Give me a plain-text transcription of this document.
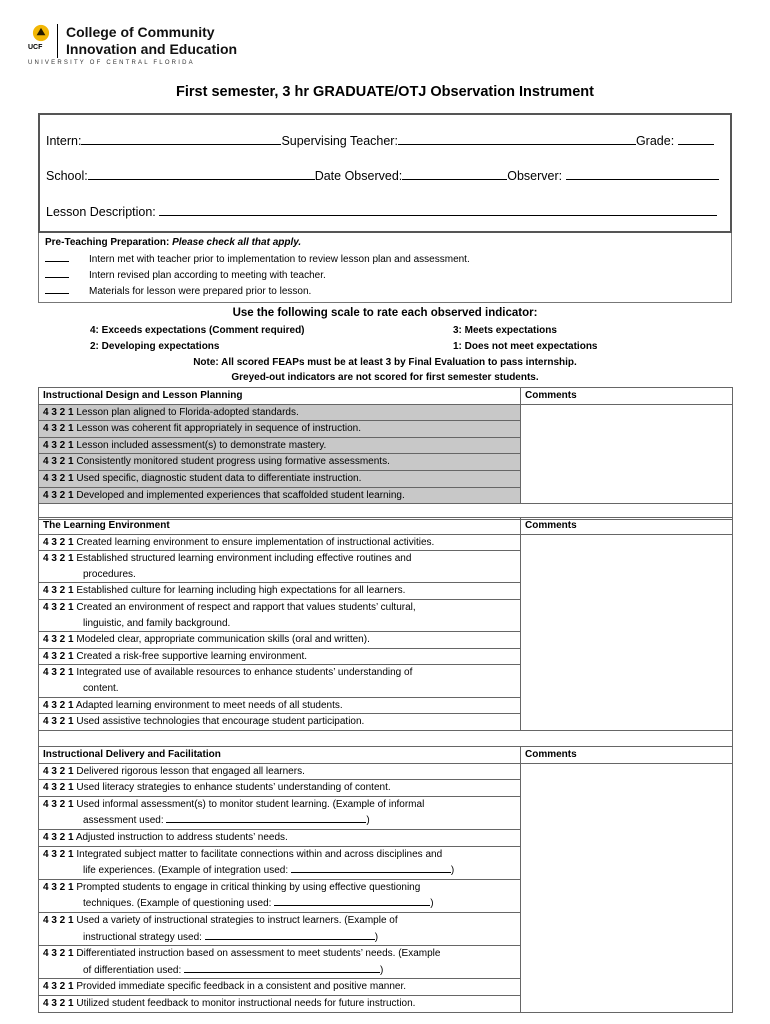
UCF
College of Community
Innovation and Education
UNIVERSITY OF CENTRAL FLORIDA
First semester, 3 hr GRADUATE/OTJ Observation Instrument
Intern:	Supervising Teacher:	Grade:
School:	Date Observed:	Observer:
Lesson Description:
Pre-Teaching Preparation: Please check all that apply.
Intern met with teacher prior to implementation to review lesson plan and assessment.
Intern revised plan according to meeting with teacher.
Materials for lesson were prepared prior to lesson.
Use the following scale to rate each observed indicator:
4: Exceeds expectations (Comment required)	3: Meets expectations
2: Developing expectations	1: Does not meet expectations
Note: All scored FEAPs must be at least 3 by Final Evaluation to pass internship.
Greyed-out indicators are not scored for first semester students.
Instructional Design and Lesson Planning	Comments
4 3 2 1 Lesson plan aligned to Florida-adopted standards.	
4 3 2 1 Lesson was coherent fit appropriately in sequence of instruction.	
4 3 2 1 Lesson included assessment(s) to demonstrate mastery.	
4 3 2 1 Consistently monitored student progress using formative assessments.	
4 3 2 1 Used specific, diagnostic student data to differentiate instruction.	
4 3 2 1 Developed and implemented experiences that scaffolded student learning.	

The Learning Environment	Comments
4 3 2 1 Created learning environment to ensure implementation of instructional activities.	
4 3 2 1 Established structured learning environment including effective routines and
procedures.	

4 3 2 1 Established culture for learning including high expectations for all learners.	
4 3 2 1 Created an environment of respect and rapport that values students’ cultural,
linguistic, and family background.	

4 3 2 1 Modeled clear, appropriate communication skills (oral and written).	
4 3 2 1 Created a risk-free supportive learning environment.	
4 3 2 1 Integrated use of available resources to enhance students’ understanding of
content.	

4 3 2 1 Adapted learning environment to meet needs of all students.	
4 3 2 1 Used assistive technologies that encourage student participation.	

Instructional Delivery and Facilitation	Comments
4 3 2 1 Delivered rigorous lesson that engaged all learners.	
4 3 2 1 Used literacy strategies to enhance students’ understanding of content.	
4 3 2 1 Used informal assessment(s) to monitor student learning. (Example of informal
assessment used: )	

4 3 2 1 Adjusted instruction to address students’ needs.	
4 3 2 1 Integrated subject matter to facilitate connections within and across disciplines and
life experiences. (Example of integration used: )	

4 3 2 1 Prompted students to engage in critical thinking by using effective questioning
techniques. (Example of questioning used: )	

4 3 2 1 Used a variety of instructional strategies to instruct learners. (Example of
instructional strategy used: )	

4 3 2 1 Differentiated instruction based on assessment to meet students’ needs. (Example
of differentiation used: )	

4 3 2 1 Provided immediate specific feedback in a consistent and positive manner.	
4 3 2 1 Utilized student feedback to monitor instructional needs for future instruction.	
